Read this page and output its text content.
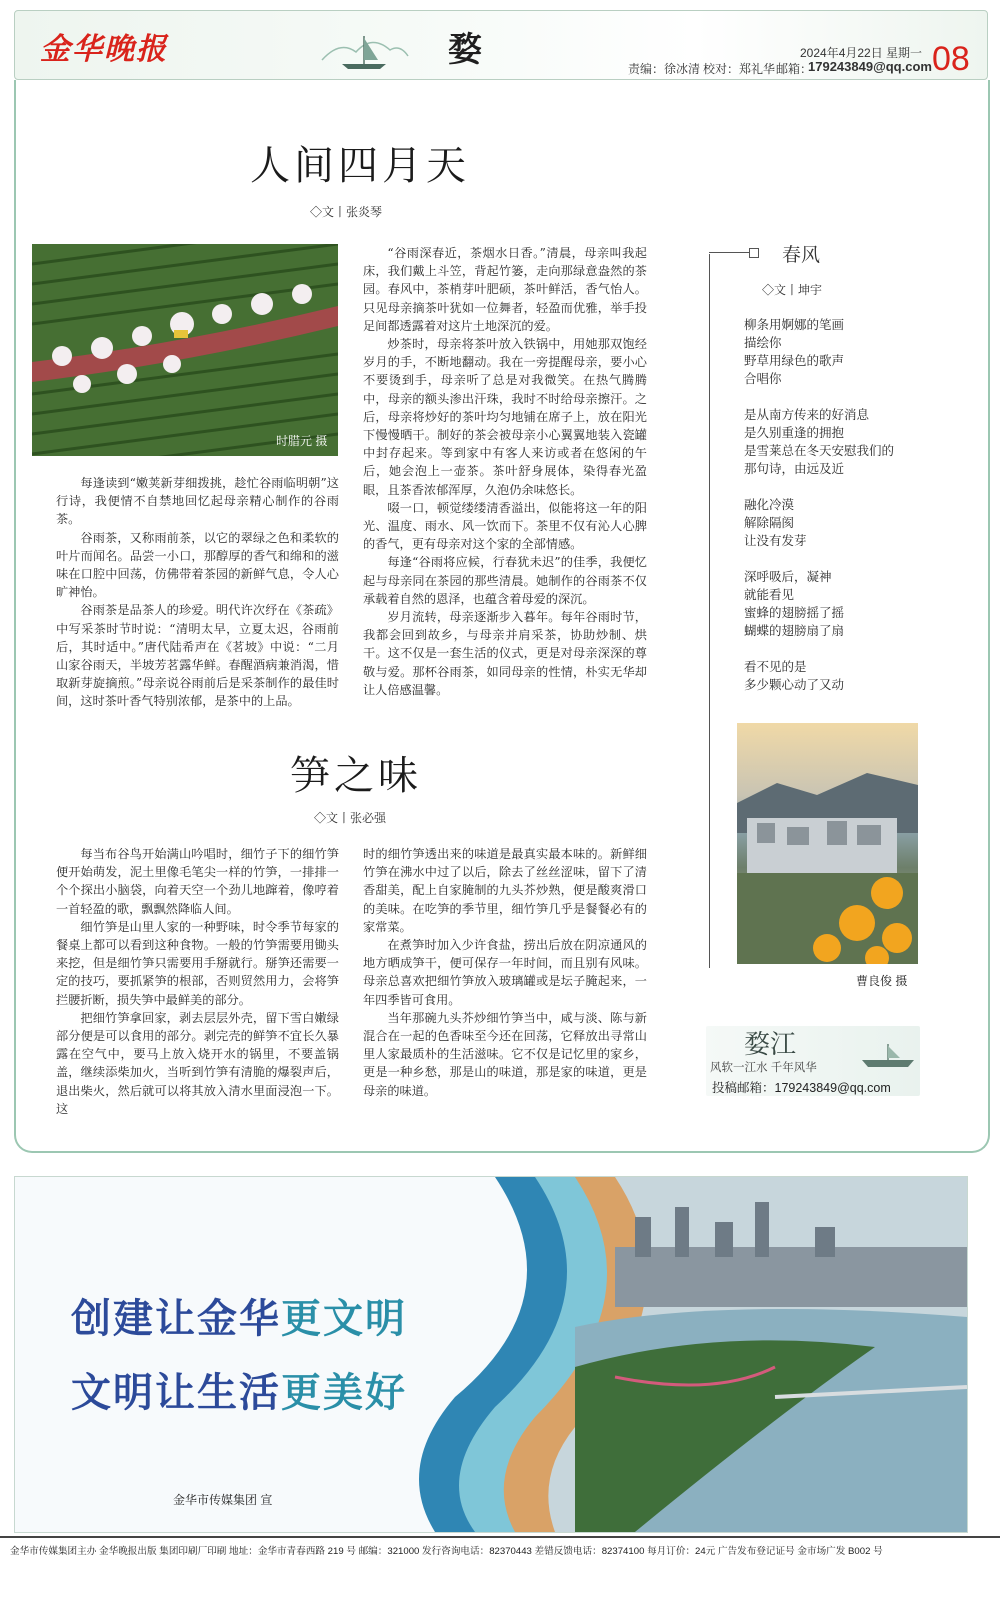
金华晚报	婺	2024年4月22日 星期一
责编：徐冰清 校对：郑礼华 邮箱：
179243849@qq.com 08
人间四月天
◇文丨张炎琴
时腊元 摄

每逢读到“嫩荚新芽细拨挑，趁忙谷雨临明朝”这行诗，我便情不自禁地回忆起母亲精心制作的谷雨茶。

谷雨茶，又称雨前茶，以它的翠绿之色和柔软的叶片而闻名。品尝一小口，那醇厚的香气和绵和的滋味在口腔中回荡，仿佛带着茶园的新鲜气息，令人心旷神怡。

谷雨茶是品茶人的珍爱。明代许次纾在《茶疏》中写采茶时节时说：“清明太早，立夏太迟，谷雨前后，其时适中。”唐代陆希声在《茗坡》中说：“二月山家谷雨天，半坡芳茗露华鲜。春醒酒病兼消渴，惜取新芽旋摘煎。”母亲说谷雨前后是采茶制作的最佳时间，这时茶叶香气特别浓郁，是茶中的上品。

“谷雨深春近，茶烟水日香。”清晨，母亲叫我起床，我们戴上斗笠，背起竹篓，走向那绿意盎然的茶园。春风中，茶梢芽叶肥硕，茶叶鲜活，香气怡人。只见母亲摘茶叶犹如一位舞者，轻盈而优雅，举手投足间都透露着对这片土地深沉的爱。

炒茶时，母亲将茶叶放入铁锅中，用她那双饱经岁月的手，不断地翻动。我在一旁提醒母亲，要小心不要烫到手，母亲听了总是对我微笑。在热气腾腾中，母亲的额头渗出汗珠，我时不时给母亲擦汗。之后，母亲将炒好的茶叶均匀地铺在席子上，放在阳光下慢慢晒干。制好的茶会被母亲小心翼翼地装入瓷罐中封存起来。等到家中有客人来访或者在悠闲的午后，她会泡上一壶茶。茶叶舒身展体，染得春光盈眼，且茶香浓郁浑厚，久泡仍余味悠长。

啜一口，顿觉缕缕清香溢出，似能将这一年的阳光、温度、雨水、风一饮而下。茶里不仅有沁人心脾的香气，更有母亲对这个家的全部情感。

每逢“谷雨将应候，行春犹未迟”的佳季，我便忆起与母亲同在茶园的那些清晨。她制作的谷雨茶不仅承载着自然的恩泽，也蕴含着母爱的深沉。

岁月流转，母亲逐渐步入暮年。每年谷雨时节，我都会回到故乡，与母亲并肩采茶，协助炒制、烘干。这不仅是一套生活的仪式，更是对母亲深深的尊敬与爱。那杯谷雨茶，如同母亲的性情，朴实无华却让人倍感温馨。

笋之味
◇文丨张必强

每当布谷鸟开始满山吟唱时，细竹子下的细竹笋便开始萌发，泥土里像毛笔尖一样的竹笋，一排排一个个探出小脑袋，向着天空一个劲儿地蹿着，像哼着一首轻盈的歌，飘飘然降临人间。

细竹笋是山里人家的一种野味，时令季节每家的餐桌上都可以看到这种食物。一般的竹笋需要用锄头来挖，但是细竹笋只需要用手掰就行。掰笋还需要一定的技巧，要抓紧笋的根部，否则贸然用力，会将笋拦腰折断，损失笋中最鲜美的部分。

把细竹笋拿回家，剥去层层外壳，留下雪白嫩绿部分便是可以食用的部分。剥完壳的鲜笋不宜长久暴露在空气中，要马上放入烧开水的锅里，不要盖锅盖，继续添柴加火，当听到竹笋有清脆的爆裂声后，退出柴火，然后就可以将其放入清水里面浸泡一下。这

时的细竹笋透出来的味道是最真实最本味的。新鲜细竹笋在沸水中过了以后，除去了丝丝涩味，留下了清香甜美，配上自家腌制的九头芥炒熟，便是酸爽滑口的美味。在吃笋的季节里，细竹笋几乎是餐餐必有的家常菜。

在煮笋时加入少许食盐，捞出后放在阴凉通风的地方晒成笋干，便可保存一年时间，而且别有风味。母亲总喜欢把细竹笋放入玻璃罐或是坛子腌起来，一年四季皆可食用。

当年那碗九头芥炒细竹笋当中，咸与淡、陈与新混合在一起的色香味至今还在回荡，它释放出寻常山里人家最质朴的生活滋味。它不仅是记忆里的家乡，更是一种乡愁，那是山的味道，那是家的味道，更是母亲的味道。

春风
◇文丨坤宇
柳条用婀娜的笔画
描绘你
野草用绿色的歌声
合唱你
是从南方传来的好消息
是久别重逢的拥抱
是雪莱总在冬天安慰我们的
那句诗，由远及近
融化冷漠
解除隔阂
让没有发芽
深呼吸后，凝神
就能看见
蜜蜂的翅膀摇了摇
蝴蝶的翅膀扇了扇
看不见的是
多少颗心动了又动
曹良俊 摄
婺江
风软一江水 千年风华
投稿邮箱：179243849@qq.com
创建让金华更文明
文明让生活更美好
金华市传媒集团 宣
金华市传媒集团主办 金华晚报出版 集团印刷厂印刷 地址：金华市青春西路 219 号 邮编：321000 发行咨询电话：82370443 差错反馈电话：82374100 每月订价：24元 广告发布登记证号 金市场广发 B002 号
